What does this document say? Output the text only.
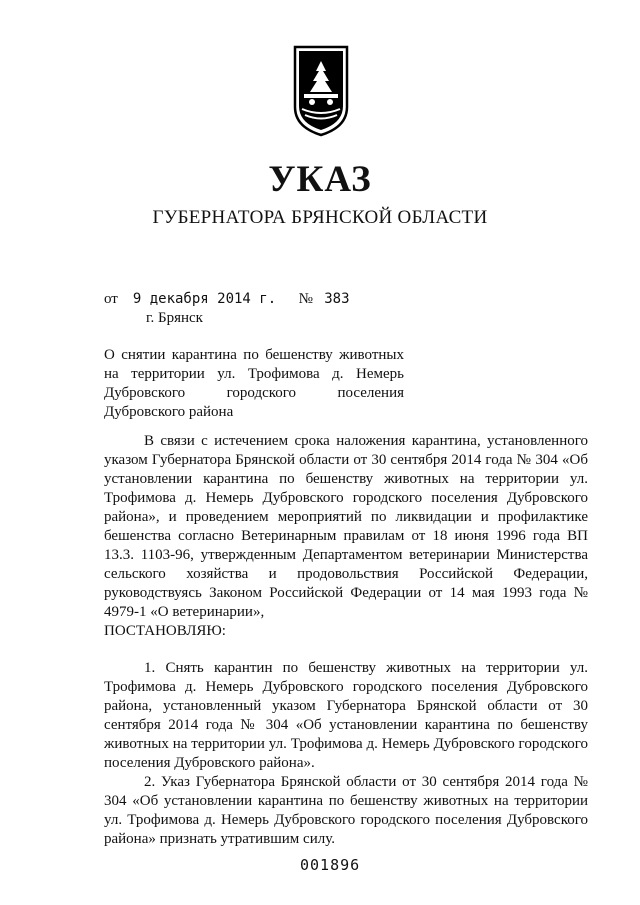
УКАЗ
ГУБЕРНАТОРА БРЯНСКОЙ ОБЛАСТИ
от 9 декабря 2014 г. № 383
г. Брянск
О снятии карантина по бешенству животных на территории ул. Трофимова д. Немерь Дубровского городского поселения Дубровского района

В связи с истечением срока наложения карантина, установленного указом Губернатора Брянской области от 30 сентября 2014 года № 304 «Об установлении карантина по бешенству животных на территории ул. Трофимова д. Немерь Дубровского городского поселения Дубровского района», и проведением мероприятий по ликвидации и профилактике бешенства согласно Ветеринарным правилам от 18 июня 1996 года ВП 13.3. 1103-96, утвержденным Департаментом ветеринарии Министерства сельского хозяйства и продовольствия Российской Федерации, руководствуясь Законом Российской Федерации от 14 мая 1993 года № 4979-1 «О ветеринарии»,

ПОСТАНОВЛЯЮ:

1. Снять карантин по бешенству животных на территории ул. Трофимова д. Немерь Дубровского городского поселения Дубровского района, установленный указом Губернатора Брянской области от 30 сентября 2014 года № 304 «Об установлении карантина по бешенству животных на территории ул. Трофимова д. Немерь Дубровского городского поселения Дубровского района».

2. Указ Губернатора Брянской области от 30 сентября 2014 года № 304 «Об установлении карантина по бешенству животных на территории ул. Трофимова д. Немерь Дубровского городского поселения Дубровского района» признать утратившим силу.

001896
